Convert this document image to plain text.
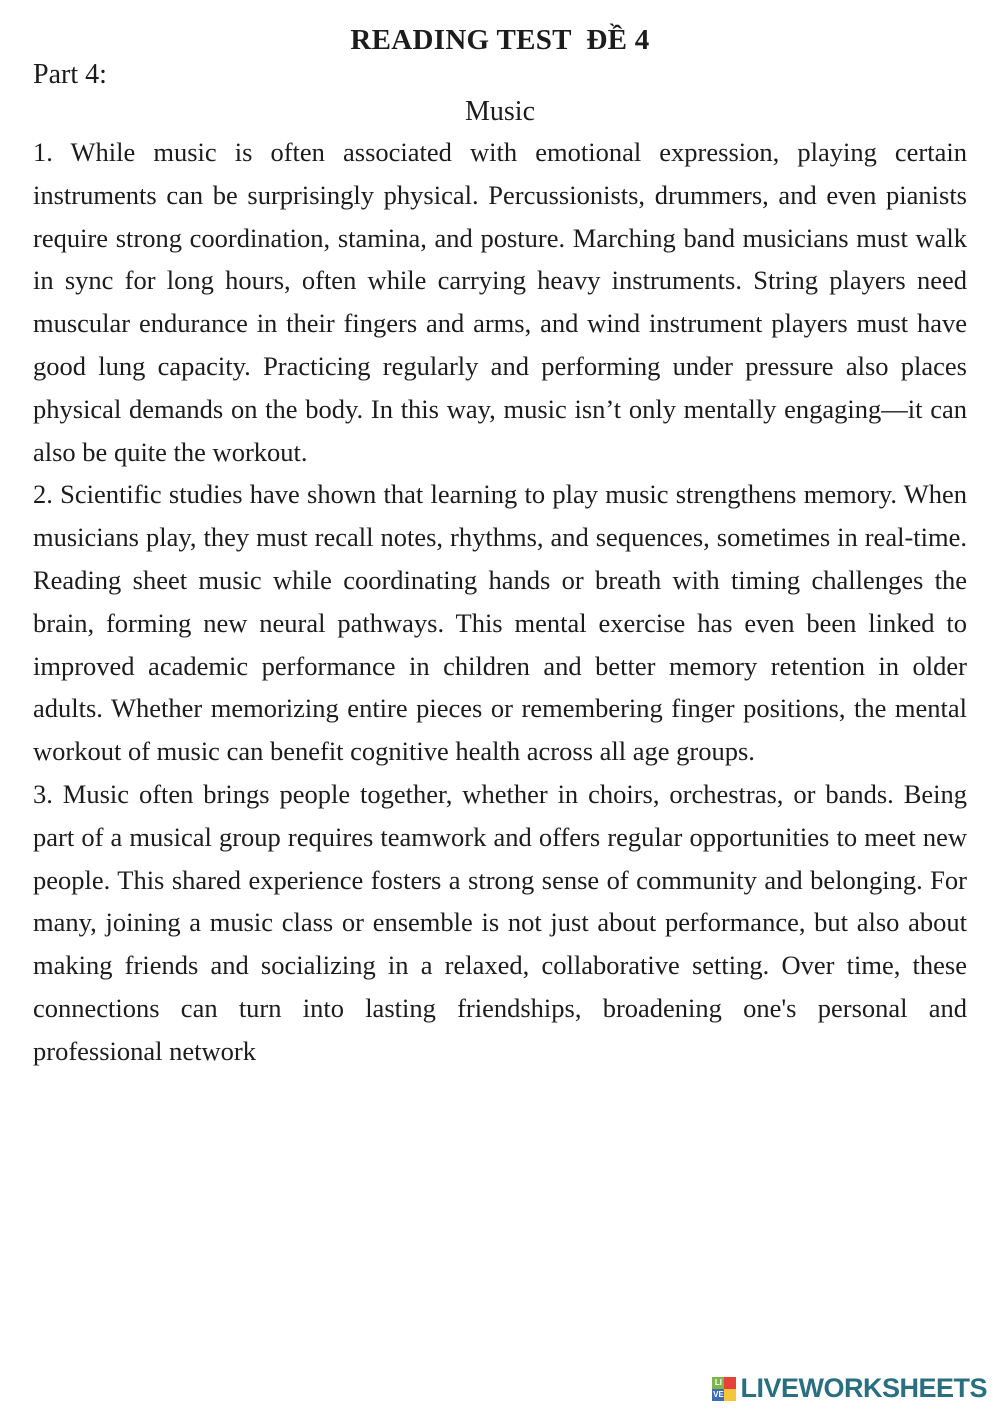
READING TEST  ĐỀ 4
Part 4:
Music

1. While music is often associated with emotional expression, playing certain instruments can be surprisingly physical. Percussionists, drummers, and even pianists require strong coordination, stamina, and posture. Marching band musicians must walk in sync for long hours, often while carrying heavy instruments. String players need muscular endurance in their fingers and arms, and wind instrument players must have good lung capacity. Practicing regularly and performing under pressure also places physical demands on the body. In this way, music isn’t only mentally engaging—it can also be quite the workout.

2. Scientific studies have shown that learning to play music strengthens memory. When musicians play, they must recall notes, rhythms, and sequences, sometimes in real-time. Reading sheet music while coordinating hands or breath with timing challenges the brain, forming new neural pathways. This mental exercise has even been linked to improved academic performance in children and better memory retention in older adults. Whether memorizing entire pieces or remembering finger positions, the mental workout of music can benefit cognitive health across all age groups.

3. Music often brings people together, whether in choirs, orchestras, or bands. Being part of a musical group requires teamwork and offers regular opportunities to meet new people. This shared experience fosters a strong sense of community and belonging. For many, joining a music class or ensemble is not just about performance, but also about making friends and socializing in a relaxed, collaborative setting. Over time, these connections can turn into lasting friendships, broadening one's personal and professional network

LI
VE LIVEWORKSHEETS
